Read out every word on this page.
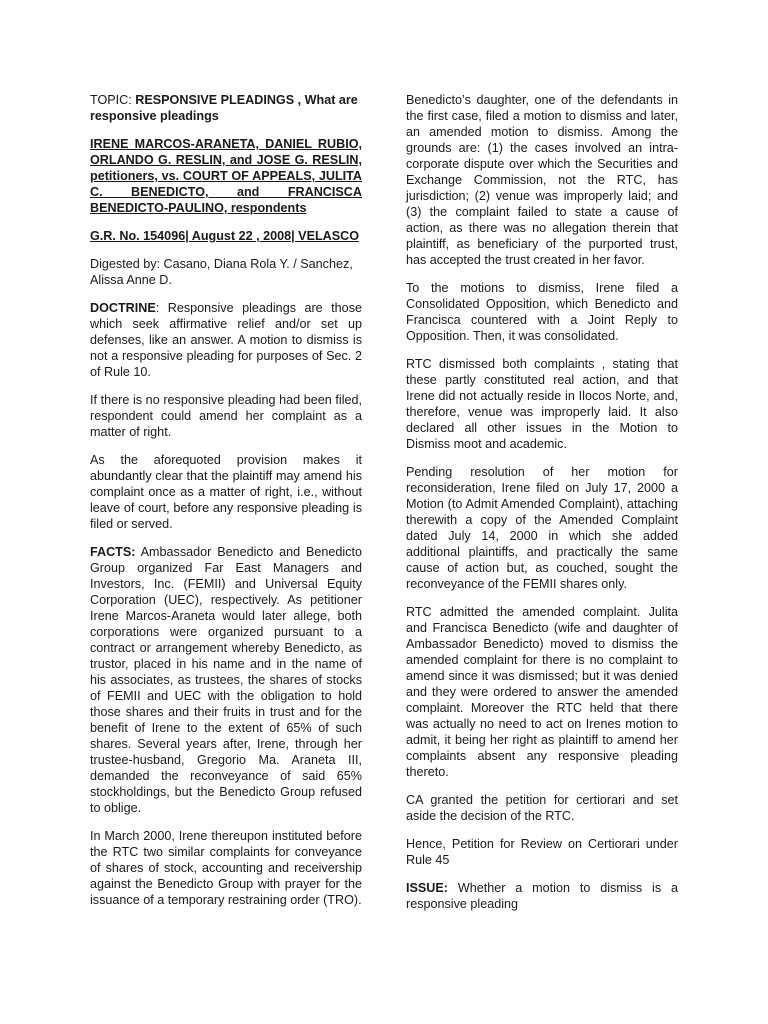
TOPIC: RESPONSIVE PLEADINGS , What are responsive pleadings

IRENE MARCOS-ARANETA, DANIEL RUBIO, ORLANDO G. RESLIN, and JOSE G. RESLIN, petitioners, vs. COURT OF APPEALS, JULITA C. BENEDICTO, and FRANCISCA BENEDICTO-PAULINO, respondents

G.R. No. 154096| August 22 , 2008| VELASCO

Digested by: Casano, Diana Rola Y. / Sanchez, Alissa Anne D.

DOCTRINE: Responsive pleadings are those which seek affirmative relief and/or set up defenses, like an answer. A motion to dismiss is not a responsive pleading for purposes of Sec. 2 of Rule 10.

If there is no responsive pleading had been filed, respondent could amend her complaint as a matter of right.

As the aforequoted provision makes it abundantly clear that the plaintiff may amend his complaint once as a matter of right, i.e., without leave of court, before any responsive pleading is filed or served.

FACTS: Ambassador Benedicto and Benedicto Group organized Far East Managers and Investors, Inc. (FEMII) and Universal Equity Corporation (UEC), respectively. As petitioner Irene Marcos-Araneta would later allege, both corporations were organized pursuant to a contract or arrangement whereby Benedicto, as trustor, placed in his name and in the name of his associates, as trustees, the shares of stocks of FEMII and UEC with the obligation to hold those shares and their fruits in trust and for the benefit of Irene to the extent of 65% of such shares. Several years after, Irene, through her trustee-husband, Gregorio Ma. Araneta III, demanded the reconveyance of said 65% stockholdings, but the Benedicto Group refused to oblige.

In March 2000, Irene thereupon instituted before the RTC two similar complaints for conveyance of shares of stock, accounting and receivership against the Benedicto Group with prayer for the issuance of a temporary restraining order (TRO).

Benedicto’s daughter, one of the defendants in the first case, filed a motion to dismiss and later, an amended motion to dismiss. Among the grounds are: (1) the cases involved an intra-corporate dispute over which the Securities and Exchange Commission, not the RTC, has jurisdiction; (2) venue was improperly laid; and (3) the complaint failed to state a cause of action, as there was no allegation therein that plaintiff, as beneficiary of the purported trust, has accepted the trust created in her favor.

To the motions to dismiss, Irene filed a Consolidated Opposition, which Benedicto and Francisca countered with a Joint Reply to Opposition. Then, it was consolidated.

RTC dismissed both complaints , stating that these partly constituted real action, and that Irene did not actually reside in Ilocos Norte, and, therefore, venue was improperly laid. It also declared all other issues in the Motion to Dismiss moot and academic.

Pending resolution of her motion for reconsideration, Irene filed on July 17, 2000 a Motion (to Admit Amended Complaint), attaching therewith a copy of the Amended Complaint dated July 14, 2000 in which she added additional plaintiffs, and practically the same cause of action but, as couched, sought the reconveyance of the FEMII shares only.

RTC admitted the amended complaint. Julita and Francisca Benedicto (wife and daughter of Ambassador Benedicto) moved to dismiss the amended complaint for there is no complaint to amend since it was dismissed; but it was denied and they were ordered to answer the amended complaint. Moreover the RTC held that there was actually no need to act on Irenes motion to admit, it being her right as plaintiff to amend her complaints absent any responsive pleading thereto.

CA granted the petition for certiorari and set aside the decision of the RTC.

Hence, Petition for Review on Certiorari under Rule 45

ISSUE: Whether a motion to dismiss is a responsive pleading
